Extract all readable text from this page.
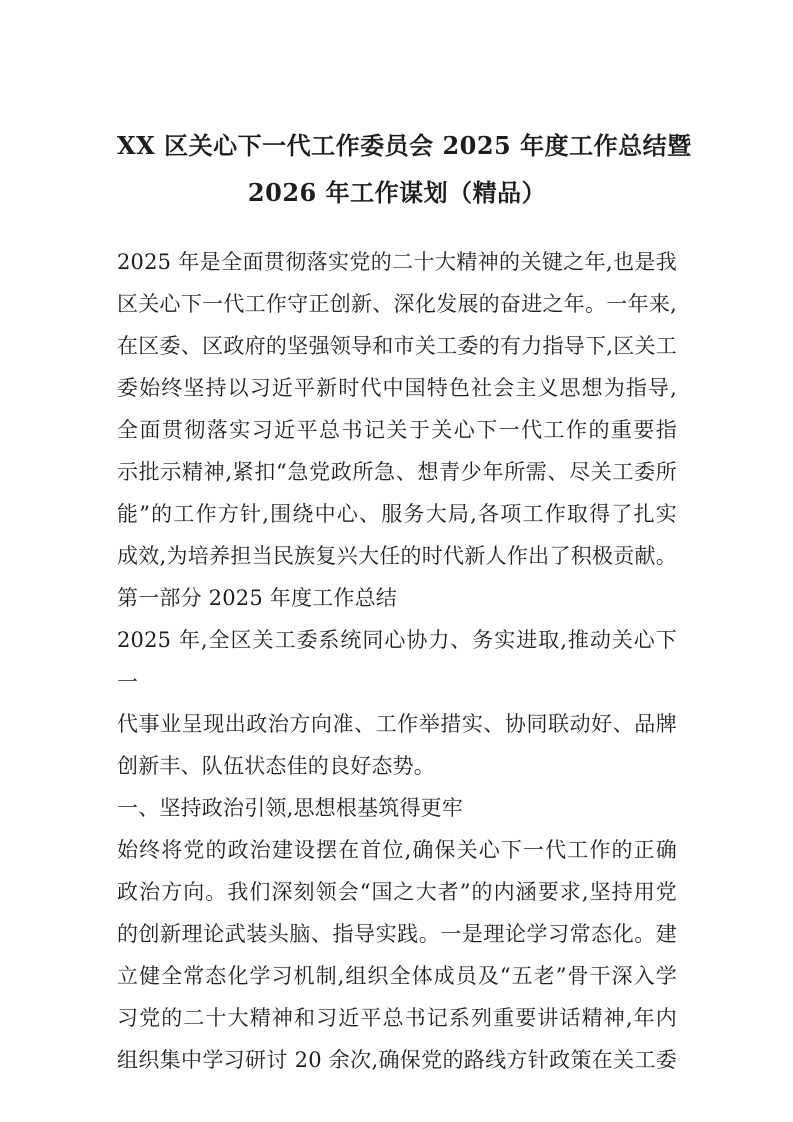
XX 区关心下一代工作委员会 2025 年度工作总结暨
2026 年工作谋划（精品）
2025 年是全面贯彻落实党的二十大精神的关键之年,也是我
区关心下一代工作守正创新、深化发展的奋进之年。一年来,
在区委、区政府的坚强领导和市关工委的有力指导下,区关工
委始终坚持以习近平新时代中国特色社会主义思想为指导,
全面贯彻落实习近平总书记关于关心下一代工作的重要指
示批示精神,紧扣“急党政所急、想青少年所需、尽关工委所
能”的工作方针,围绕中心、服务大局,各项工作取得了扎实
成效,为培养担当民族复兴大任的时代新人作出了积极贡献。
第一部分 2025 年度工作总结
2025 年,全区关工委系统同心协力、务实进取,推动关心下一
代事业呈现出政治方向准、工作举措实、协同联动好、品牌
创新丰、队伍状态佳的良好态势。
一、坚持政治引领,思想根基筑得更牢
始终将党的政治建设摆在首位,确保关心下一代工作的正确
政治方向。我们深刻领会“国之大者”的内涵要求,坚持用党
的创新理论武装头脑、指导实践。一是理论学习常态化。建
立健全常态化学习机制,组织全体成员及“五老”骨干深入学
习党的二十大精神和习近平总书记系列重要讲话精神,年内
组织集中学习研讨 20 余次,确保党的路线方针政策在关工委
